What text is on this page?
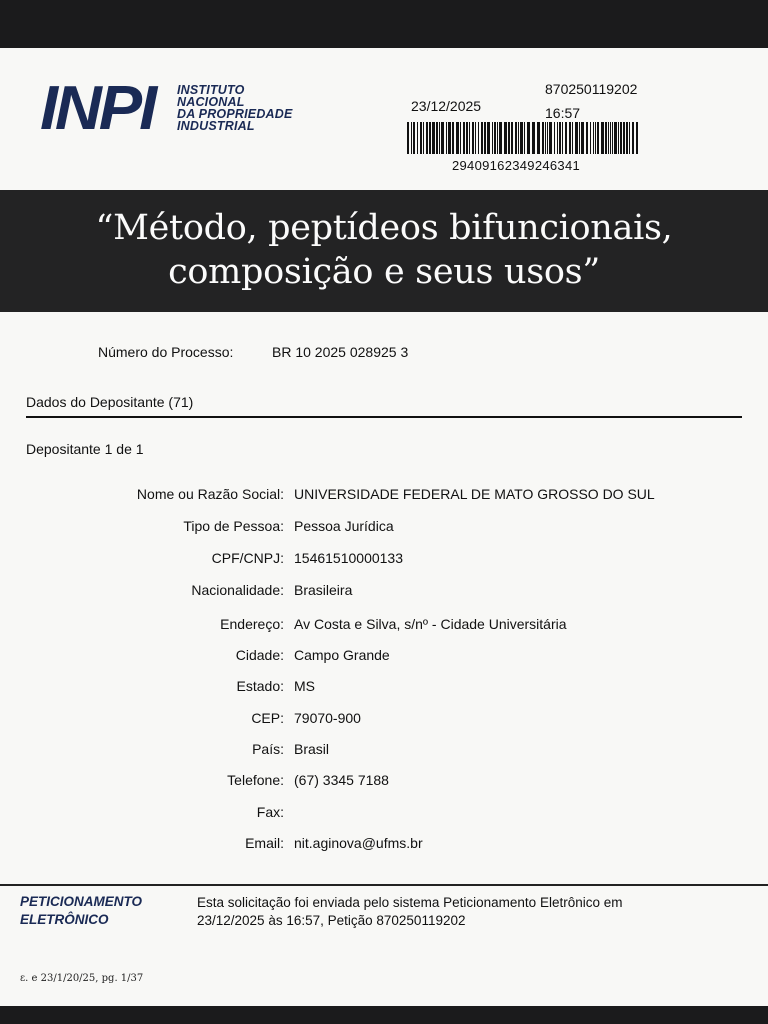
INPI INSTITUTO
NACIONAL
DA PROPRIEDADE
INDUSTRIAL
23/12/2025
870250119202
16:57
29409162349246341
“Método, peptídeos bifuncionais,
composição e seus usos”
Número do Processo:	BR 10 2025 028925 3
Dados do Depositante (71)
Depositante 1 de 1
Nome ou Razão Social: UNIVERSIDADE FEDERAL DE MATO GROSSO DO SUL
Tipo de Pessoa: Pessoa Jurídica
CPF/CNPJ: 15461510000133
Nacionalidade: Brasileira
Endereço: Av Costa e Silva, s/nº - Cidade Universitária
Cidade: Campo Grande
Estado: MS
CEP: 79070-900
País: Brasil
Telefone: (67) 3345 7188
Fax:
Email: nit.aginova@ufms.br
PETICIONAMENTO
ELETRÔNICO
Esta solicitação foi enviada pelo sistema Peticionamento Eletrônico em
23/12/2025 às 16:57, Petição 870250119202
ε. e 23/1/20/25, pg. 1/37
